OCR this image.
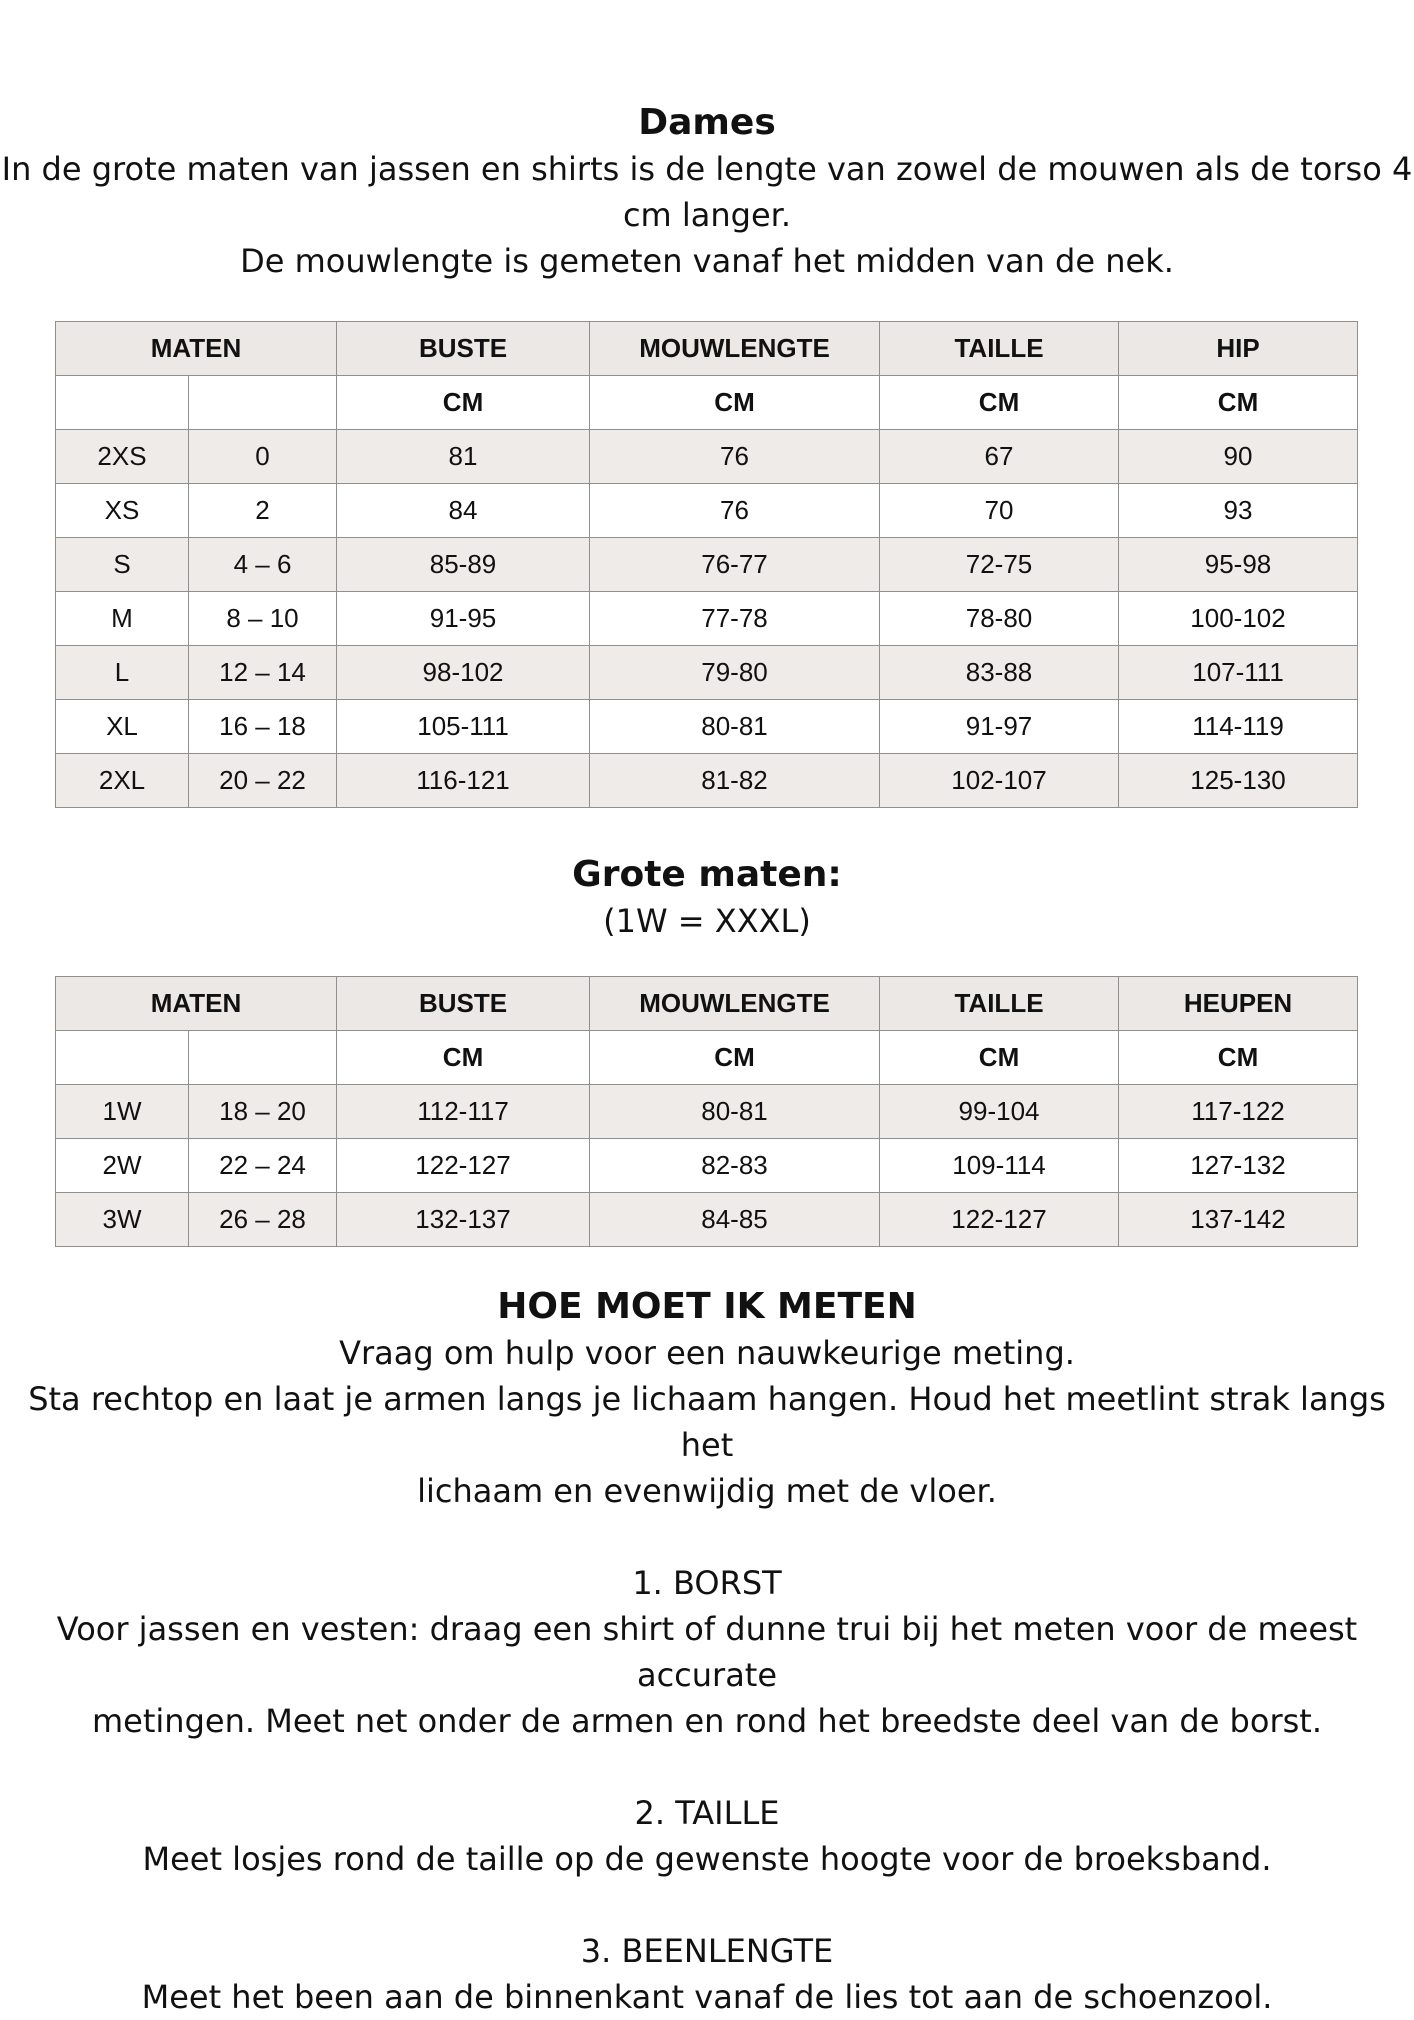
Dames
In de grote maten van jassen en shirts is de lengte van zowel de mouwen als de torso 4
cm langer.
De mouwlengte is gemeten vanaf het midden van de nek.
MATEN		BUSTE	MOUWLENGTE	TAILLE	HIP
		CM	CM	CM	CM
2XS	0	81	76	67	90
XS	2	84	76	70	93
S	4 – 6	85-89	76-77	72-75	95-98
M	8 – 10	91-95	77-78	78-80	100-102
L	12 – 14	98-102	79-80	83-88	107-111
XL	16 – 18	105-111	80-81	91-97	114-119
2XL	20 – 22	116-121	81-82	102-107	125-130
Grote maten:
(1W = XXXL)
MATEN		BUSTE	MOUWLENGTE	TAILLE	HEUPEN
		CM	CM	CM	CM
1W	18 – 20	112-117	80-81	99-104	117-122
2W	22 – 24	122-127	82-83	109-114	127-132
3W	26 – 28	132-137	84-85	122-127	137-142
HOE MOET IK METEN
Vraag om hulp voor een nauwkeurige meting.
Sta rechtop en laat je armen langs je lichaam hangen. Houd het meetlint strak langs het
lichaam en evenwijdig met de vloer.
1. BORST
Voor jassen en vesten: draag een shirt of dunne trui bij het meten voor de meest accurate
metingen. Meet net onder de armen en rond het breedste deel van de borst.
2. TAILLE
Meet losjes rond de taille op de gewenste hoogte voor de broeksband.
3. BEENLENGTE
Meet het been aan de binnenkant vanaf de lies tot aan de schoenzool.
